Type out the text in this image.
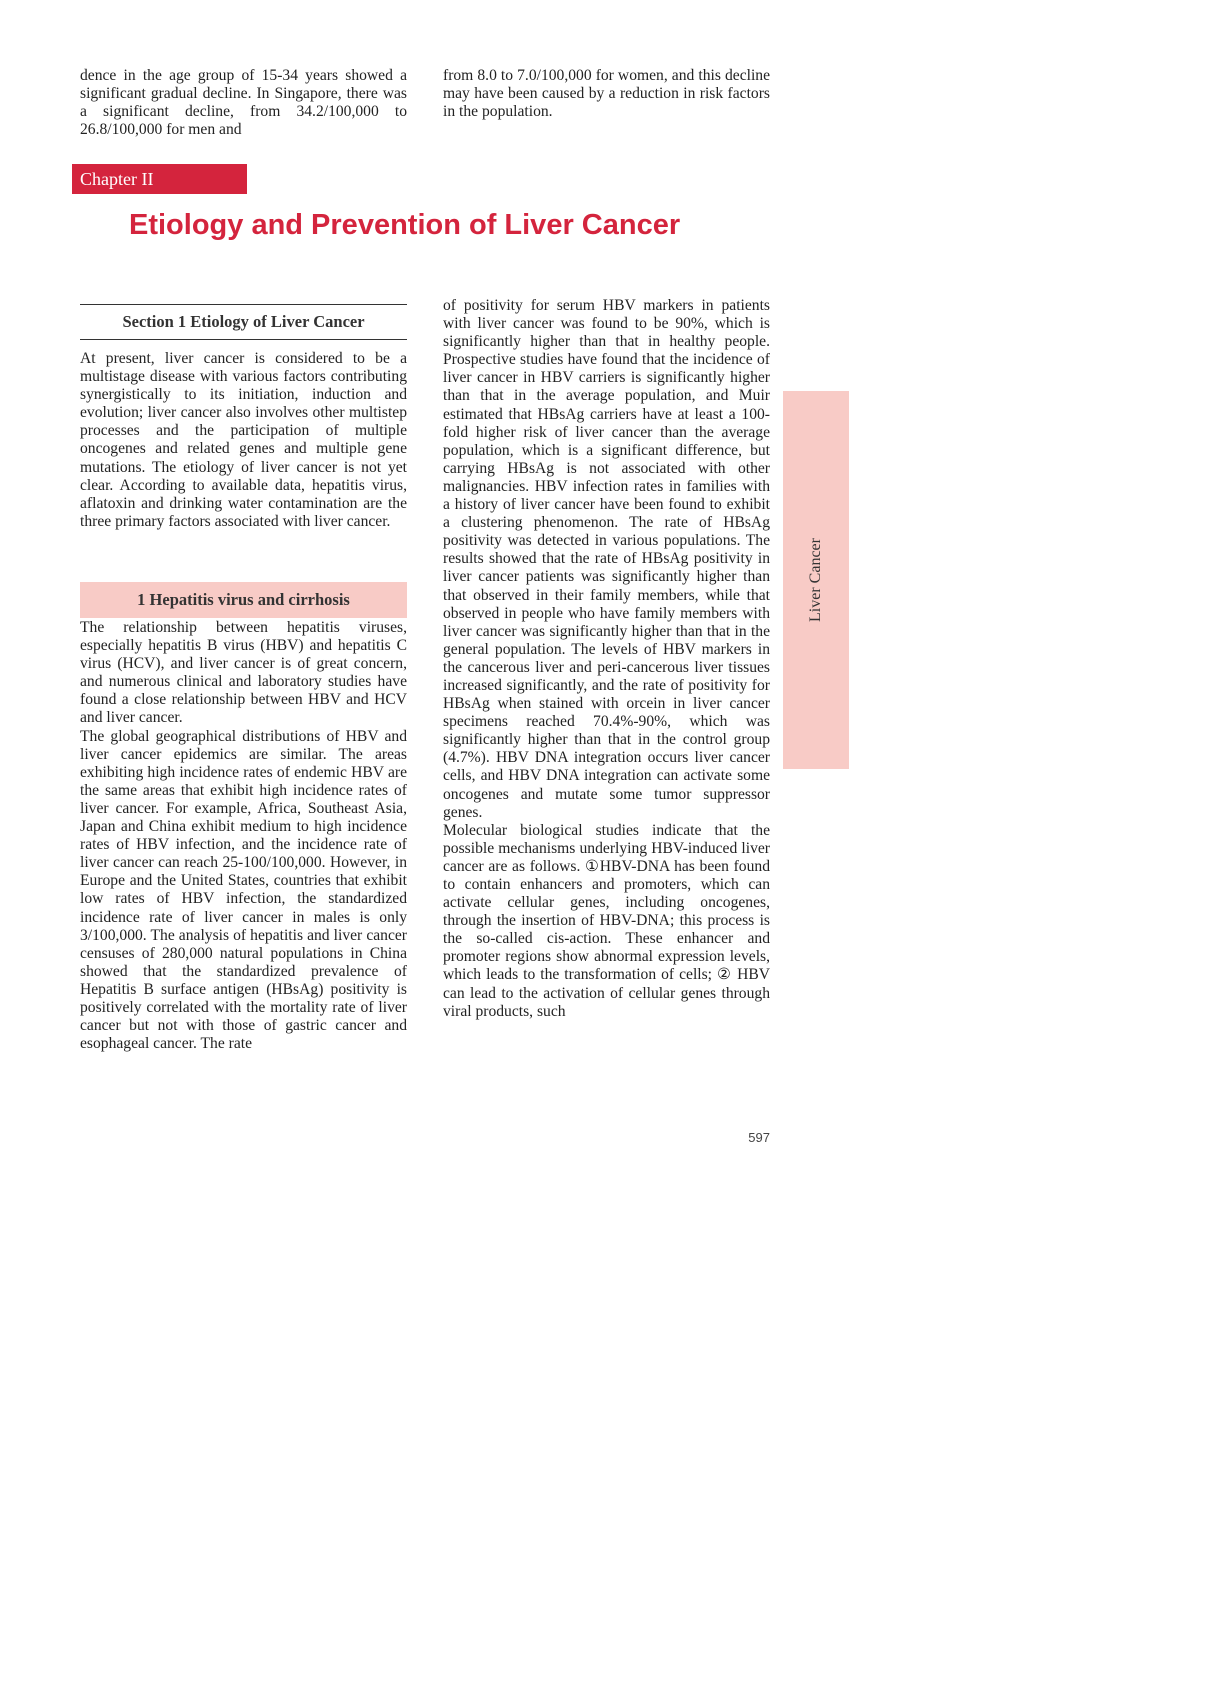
dence in the age group of 15-34 years showed a significant gradual decline. In Singapore, there was a significant decline, from 34.2/100,000 to 26.8/100,000 for men and

from 8.0 to 7.0/100,000 for women, and this decline may have been caused by a reduction in risk factors in the population.

Chapter II
Etiology and Prevention of Liver Cancer
Section 1 Etiology of Liver Cancer

At present, liver cancer is considered to be a multistage disease with various factors contributing synergistically to its initiation, induction and evolution; liver cancer also involves other multistep processes and the participation of multiple oncogenes and related genes and multiple gene mutations. The etiology of liver cancer is not yet clear. According to available data, hepatitis virus, aflatoxin and drinking water contamination are the three primary factors associated with liver cancer.

1 Hepatitis virus and cirrhosis

The relationship between hepatitis viruses, especially hepatitis B virus (HBV) and hepatitis C virus (HCV), and liver cancer is of great concern, and numerous clinical and laboratory studies have found a close relationship between HBV and HCV and liver cancer.

The global geographical distributions of HBV and liver cancer epidemics are similar. The areas exhibiting high incidence rates of endemic HBV are the same areas that exhibit high incidence rates of liver cancer. For example, Africa, Southeast Asia, Japan and China exhibit medium to high incidence rates of HBV infection, and the incidence rate of liver cancer can reach 25-100/100,000. However, in Europe and the United States, countries that exhibit low rates of HBV infection, the standardized incidence rate of liver cancer in males is only 3/100,000. The analysis of hepatitis and liver cancer censuses of 280,000 natural populations in China showed that the standardized prevalence of Hepatitis B surface antigen (HBsAg) positivity is positively correlated with the mortality rate of liver cancer but not with those of gastric cancer and esophageal cancer. The rate

of positivity for serum HBV markers in patients with liver cancer was found to be 90%, which is significantly higher than that in healthy people. Prospective studies have found that the incidence of liver cancer in HBV carriers is significantly higher than that in the average population, and Muir estimated that HBsAg carriers have at least a 100-fold higher risk of liver cancer than the average population, which is a significant difference, but carrying HBsAg is not associated with other malignancies. HBV infection rates in families with a history of liver cancer have been found to exhibit a clustering phenomenon. The rate of HBsAg positivity was detected in various populations. The results showed that the rate of HBsAg positivity in liver cancer patients was significantly higher than that observed in their family members, while that observed in people who have family members with liver cancer was significantly higher than that in the general population. The levels of HBV markers in the cancerous liver and peri-cancerous liver tissues increased significantly, and the rate of positivity for HBsAg when stained with orcein in liver cancer specimens reached 70.4%-90%, which was significantly higher than that in the control group (4.7%). HBV DNA integration occurs liver cancer cells, and HBV DNA integration can activate some oncogenes and mutate some tumor suppressor genes.

Molecular biological studies indicate that the possible mechanisms underlying HBV-induced liver cancer are as follows. ①HBV-DNA has been found to contain enhancers and promoters, which can activate cellular genes, including oncogenes, through the insertion of HBV-DNA; this process is the so-called cis-action. These enhancer and promoter regions show abnormal expression levels, which leads to the transformation of cells; ② HBV can lead to the activation of cellular genes through viral products, such

Liver Cancer
597
